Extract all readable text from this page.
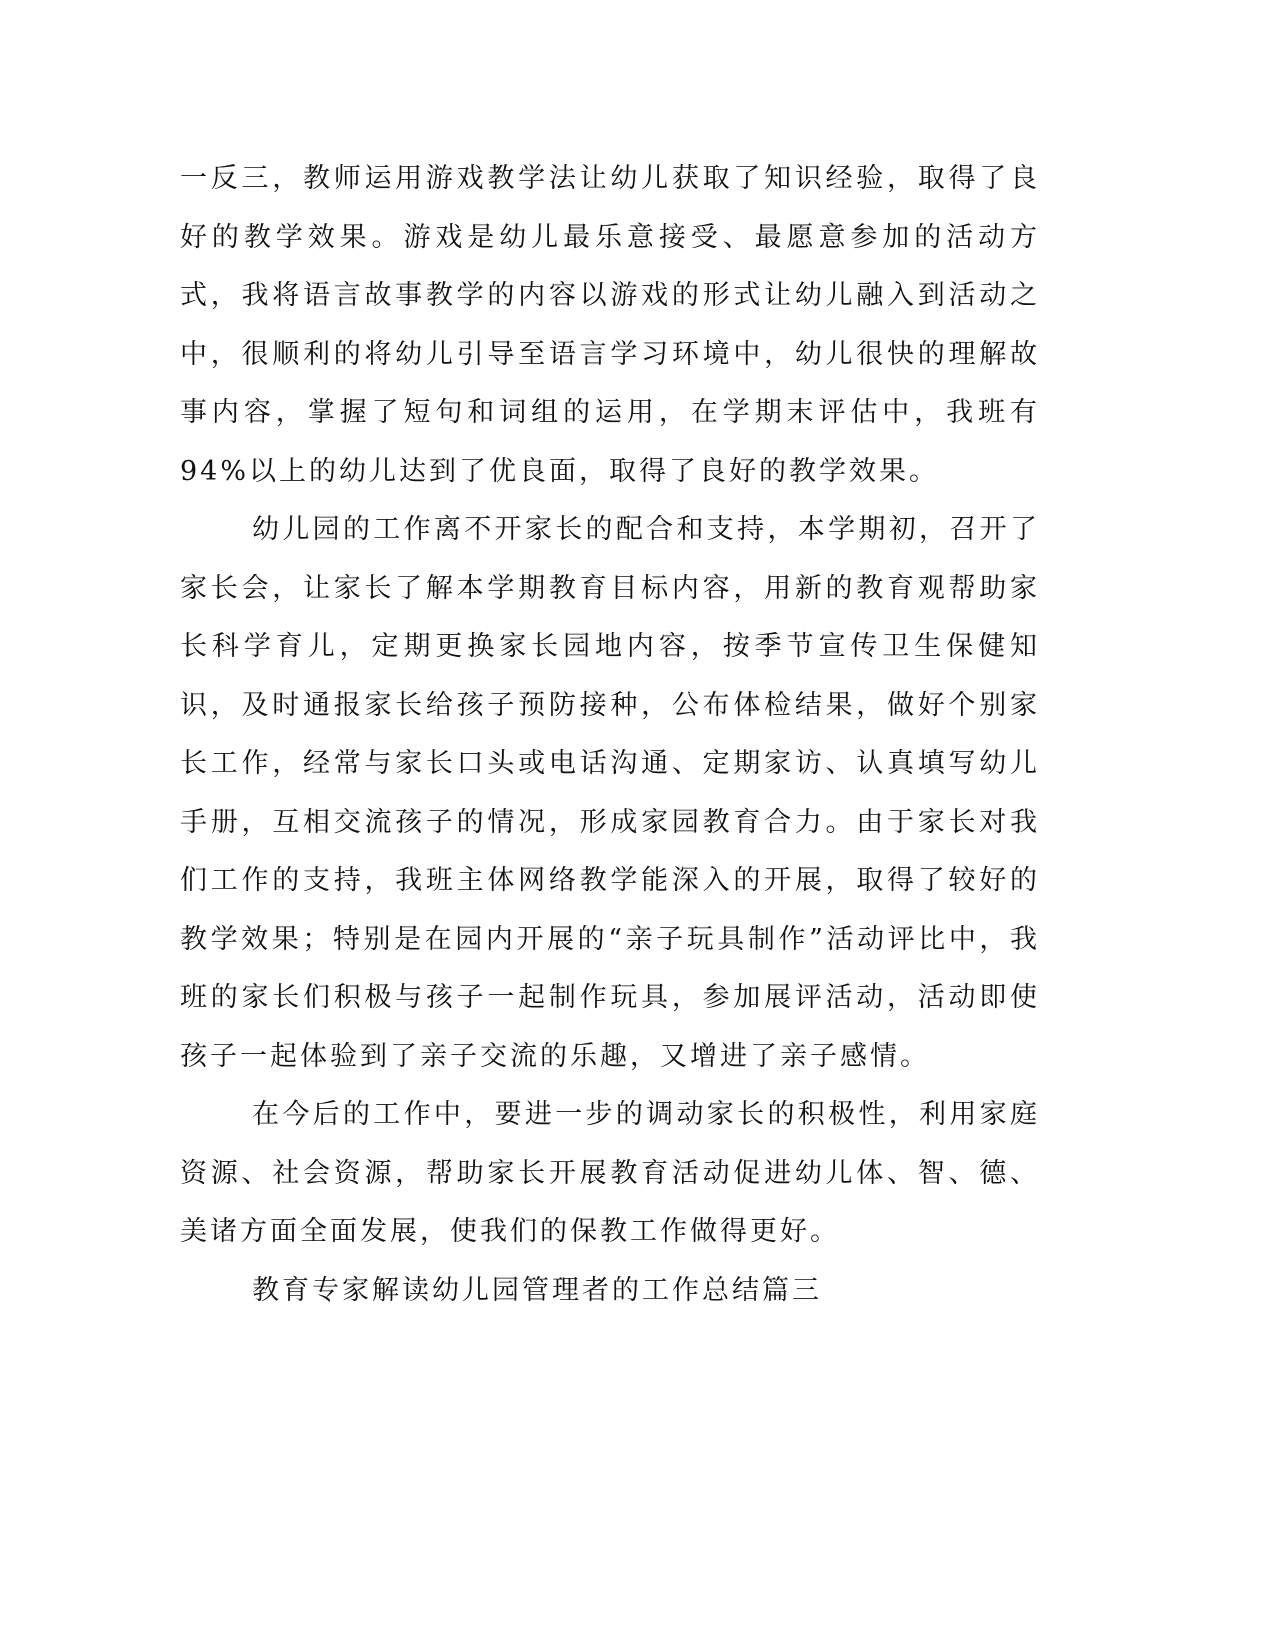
一反三，教师运用游戏教学法让幼儿获取了知识经验，取得了良好的教学效果。游戏是幼儿最乐意接受、最愿意参加的活动方式，我将语言故事教学的内容以游戏的形式让幼儿融入到活动之中，很顺利的将幼儿引导至语言学习环境中，幼儿很快的理解故事内容，掌握了短句和词组的运用，在学期末评估中，我班有94%以上的幼儿达到了优良面，取得了良好的教学效果。

幼儿园的工作离不开家长的配合和支持，本学期初，召开了家长会，让家长了解本学期教育目标内容，用新的教育观帮助家长科学育儿，定期更换家长园地内容，按季节宣传卫生保健知识，及时通报家长给孩子预防接种，公布体检结果，做好个别家长工作，经常与家长口头或电话沟通、定期家访、认真填写幼儿手册，互相交流孩子的情况，形成家园教育合力。由于家长对我们工作的支持，我班主体网络教学能深入的开展，取得了较好的教学效果；特别是在园内开展的“亲子玩具制作”活动评比中，我班的家长们积极与孩子一起制作玩具，参加展评活动，活动即使孩子一起体验到了亲子交流的乐趣，又增进了亲子感情。

在今后的工作中，要进一步的调动家长的积极性，利用家庭资源、社会资源，帮助家长开展教育活动促进幼儿体、智、德、美诸方面全面发展，使我们的保教工作做得更好。

教育专家解读幼儿园管理者的工作总结篇三
